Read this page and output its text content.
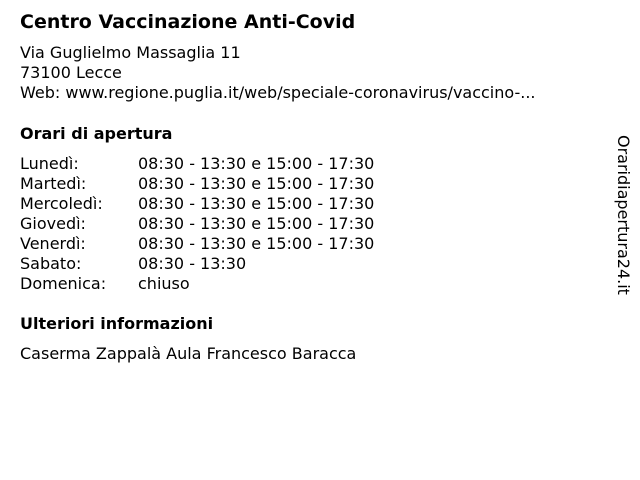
Centro Vaccinazione Anti-Covid
Via Guglielmo Massaglia 11
73100 Lecce
Web: www.regione.puglia.it/web/speciale-coronavirus/vaccino-...
Orari di apertura
Lunedì:	08:30 - 13:30 e 15:00 - 17:30
Martedì:	08:30 - 13:30 e 15:00 - 17:30
Mercoledì: 08:30 - 13:30 e 15:00 - 17:30
Giovedì:	08:30 - 13:30 e 15:00 - 17:30
Venerdì:	08:30 - 13:30 e 15:00 - 17:30
Sabato:	08:30 - 13:30
Domenica: chiuso
Ulteriori informazioni
Caserma Zappalà Aula Francesco Baracca
Oraridiapertura24.it
